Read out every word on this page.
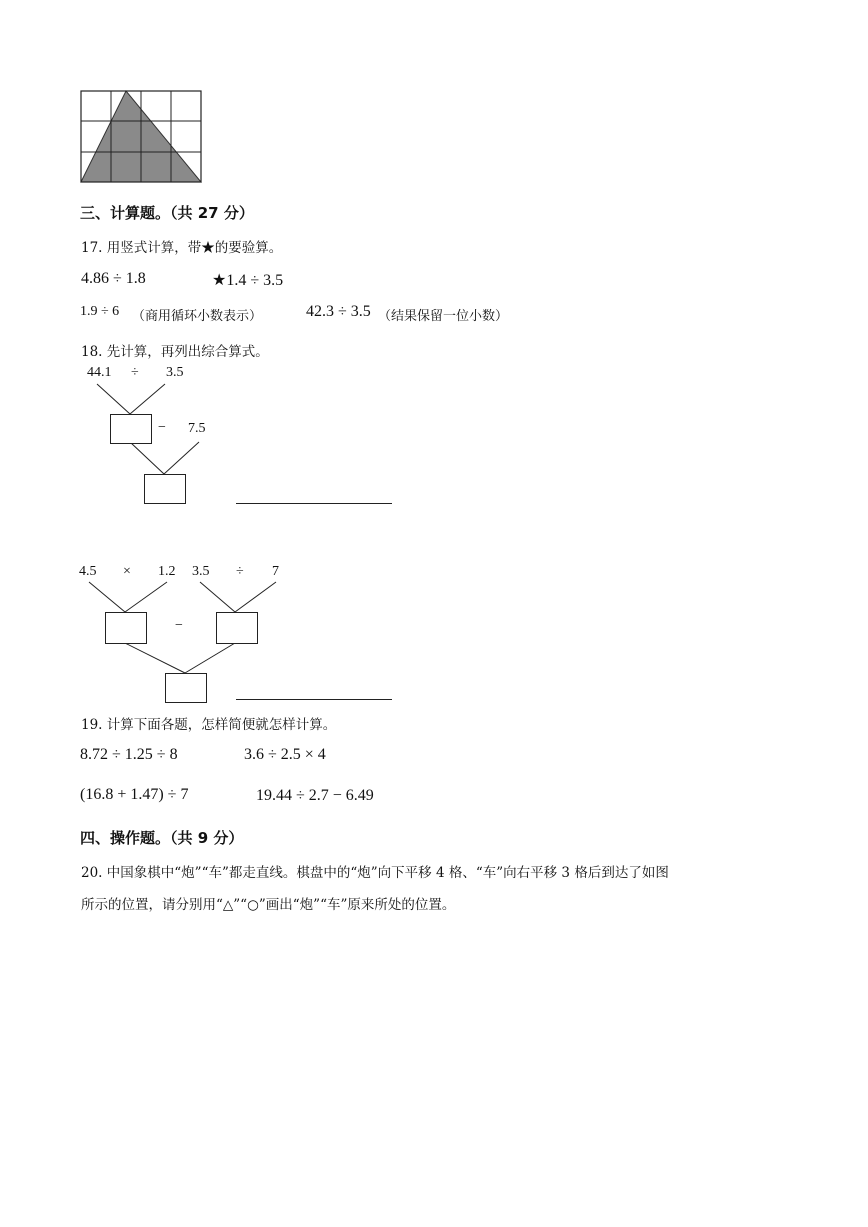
三、计算题。（共 27 分）
17. 用竖式计算，带★的要验算。
4.86 ÷ 1.8	★1.4 ÷ 3.5
1.9 ÷ 6 （商用循环小数表示）	42.3 ÷ 3.5 （结果保留一位小数）
18. 先计算，再列出综合算式。
44.1 ÷ 3.5
− 7.5
4.5 × 1.2 3.5 ÷ 7
−
19. 计算下面各题，怎样简便就怎样计算。
8.72 ÷ 1.25 ÷ 8	3.6 ÷ 2.5 × 4
(16.8 + 1.47) ÷ 7	19.44 ÷ 2.7 − 6.49
四、操作题。（共 9 分）
20. 中国象棋中“炮”“车”都走直线。棋盘中的“炮”向下平移 4 格、“车”向右平移 3 格后到达了如图
所示的位置，请分别用“△”“○”画出“炮”“车”原来所处的位置。
